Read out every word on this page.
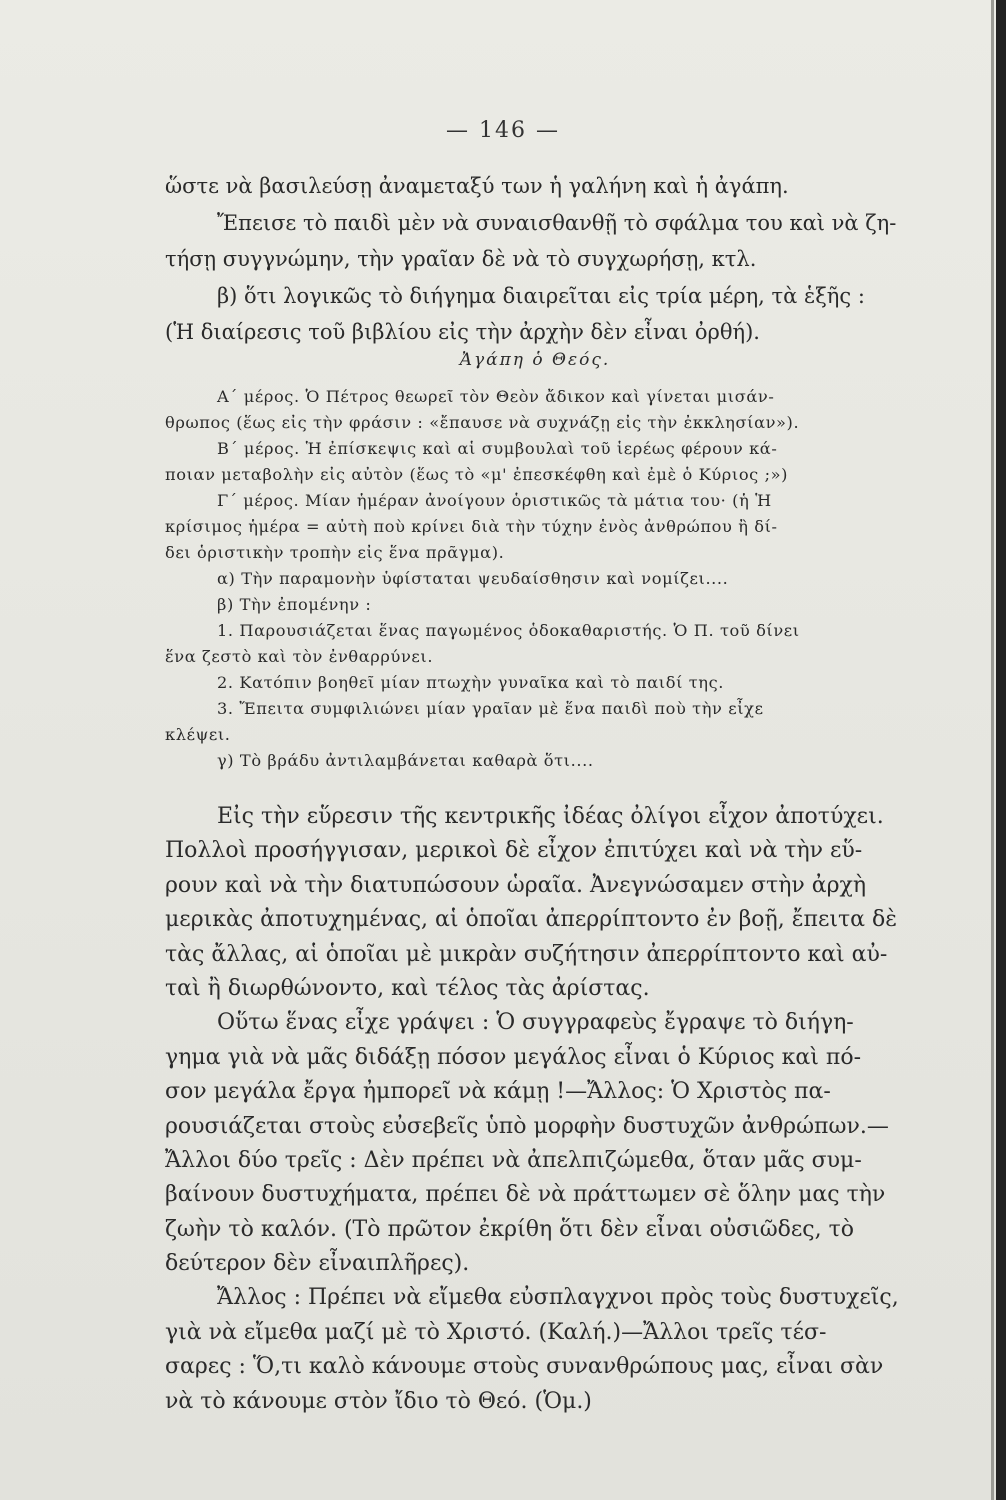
— 146 —
ὥστε νὰ βασιλεύσῃ ἀναμεταξύ των ἡ γαλήνη καὶ ἡ ἀγάπη.
Ἔπεισε τὸ παιδὶ μὲν νὰ συναισθανθῇ τὸ σφάλμα του καὶ νὰ ζη-
τήσῃ συγγνώμην, τὴν γραῖαν δὲ νὰ τὸ συγχωρήσῃ, κτλ.
β) ὅτι λογικῶς τὸ διήγημα διαιρεῖται εἰς τρία μέρη, τὰ ἑξῆς :
(Ἡ διαίρεσις τοῦ βιβλίου εἰς τὴν ἀρχὴν δὲν εἶναι ὀρθή).
Ἀγάπη ὁ Θεός.
Α΄ μέρος. Ὁ Πέτρος θεωρεῖ τὸν Θεὸν ἄδικον καὶ γίνεται μισάν-
θρωπος (ἕως εἰς τὴν φράσιν : «ἔπαυσε νὰ συχνάζῃ εἰς τὴν ἐκκλησίαν»).
Β΄ μέρος. Ἡ ἐπίσκεψις καὶ αἱ συμβουλαὶ τοῦ ἱερέως φέρουν κά-
ποιαν μεταβολὴν εἰς αὐτὸν (ἕως τὸ «μ' ἐπεσκέφθη καὶ ἐμὲ ὁ Κύριος ;»)
Γ΄ μέρος. Μίαν ἡμέραν ἀνοίγουν ὁριστικῶς τὰ μάτια του· (ἡ Ἡ
κρίσιμος ἡμέρα = αὐτὴ ποὺ κρίνει διὰ τὴν τύχην ἑνὸς ἀνθρώπου ἢ δί-
δει ὁριστικὴν τροπὴν εἰς ἕνα πρᾶγμα).
α) Τὴν παραμονὴν ὑφίσταται ψευδαίσθησιν καὶ νομίζει....
β) Τὴν ἐπομένην :
1. Παρουσιάζεται ἕνας παγωμένος ὁδοκαθαριστής. Ὁ Π. τοῦ δίνει
ἕνα ζεστὸ καὶ τὸν ἐνθαρρύνει.
2. Κατόπιν βοηθεῖ μίαν πτωχὴν γυναῖκα καὶ τὸ παιδί της.
3. Ἔπειτα συμφιλιώνει μίαν γραῖαν μὲ ἕνα παιδὶ ποὺ τὴν εἶχε
κλέψει.
γ) Τὸ βράδυ ἀντιλαμβάνεται καθαρὰ ὅτι....
Εἰς τὴν εὕρεσιν τῆς κεντρικῆς ἰδέας ὀλίγοι εἶχον ἀποτύχει.
Πολλοὶ προσήγγισαν, μερικοὶ δὲ εἶχον ἐπιτύχει καὶ νὰ τὴν εὕ-
ρουν καὶ νὰ τὴν διατυπώσουν ὡραῖα. Ἀνεγνώσαμεν στὴν ἀρχὴ
μερικὰς ἀποτυχημένας, αἱ ὁποῖαι ἀπερρίπτοντο ἐν βοῇ, ἔπειτα δὲ
τὰς ἄλλας, αἱ ὁποῖαι μὲ μικρὰν συζήτησιν ἀπερρίπτοντο καὶ αὐ-
ταὶ ἢ διωρθώνοντο, καὶ τέλος τὰς ἀρίστας.
Οὕτω ἕνας εἶχε γράψει : Ὁ συγγραφεὺς ἔγραψε τὸ διήγη-
γημα γιὰ νὰ μᾶς διδάξῃ πόσον μεγάλος εἶναι ὁ Κύριος καὶ πό-
σον μεγάλα ἔργα ἠμπορεῖ νὰ κάμῃ !—Ἄλλος: Ὁ Χριστὸς πα-
ρουσιάζεται στοὺς εὐσεβεῖς ὑπὸ μορφὴν δυστυχῶν ἀνθρώπων.—
Ἄλλοι δύο τρεῖς : Δὲν πρέπει νὰ ἀπελπιζώμεθα, ὅταν μᾶς συμ-
βαίνουν δυστυχήματα, πρέπει δὲ νὰ πράττωμεν σὲ ὅλην μας τὴν
ζωὴν τὸ καλόν. (Τὸ πρῶτον ἐκρίθη ὅτι δὲν εἶναι οὐσιῶδες, τὸ
δεύτερον δὲν εἶναιπλῆρες).
Ἄλλος : Πρέπει νὰ εἴμεθα εὐσπλαγχνοι πρὸς τοὺς δυστυχεῖς,
γιὰ νὰ εἴμεθα μαζί μὲ τὸ Χριστό. (Καλή.)—Ἄλλοι τρεῖς τέσ-
σαρες : Ὅ,τι καλὸ κάνουμε στοὺς συνανθρώπους μας, εἶναι σὰν
νὰ τὸ κάνουμε στὸν ἴδιο τὸ Θεό. (Ὁμ.)
